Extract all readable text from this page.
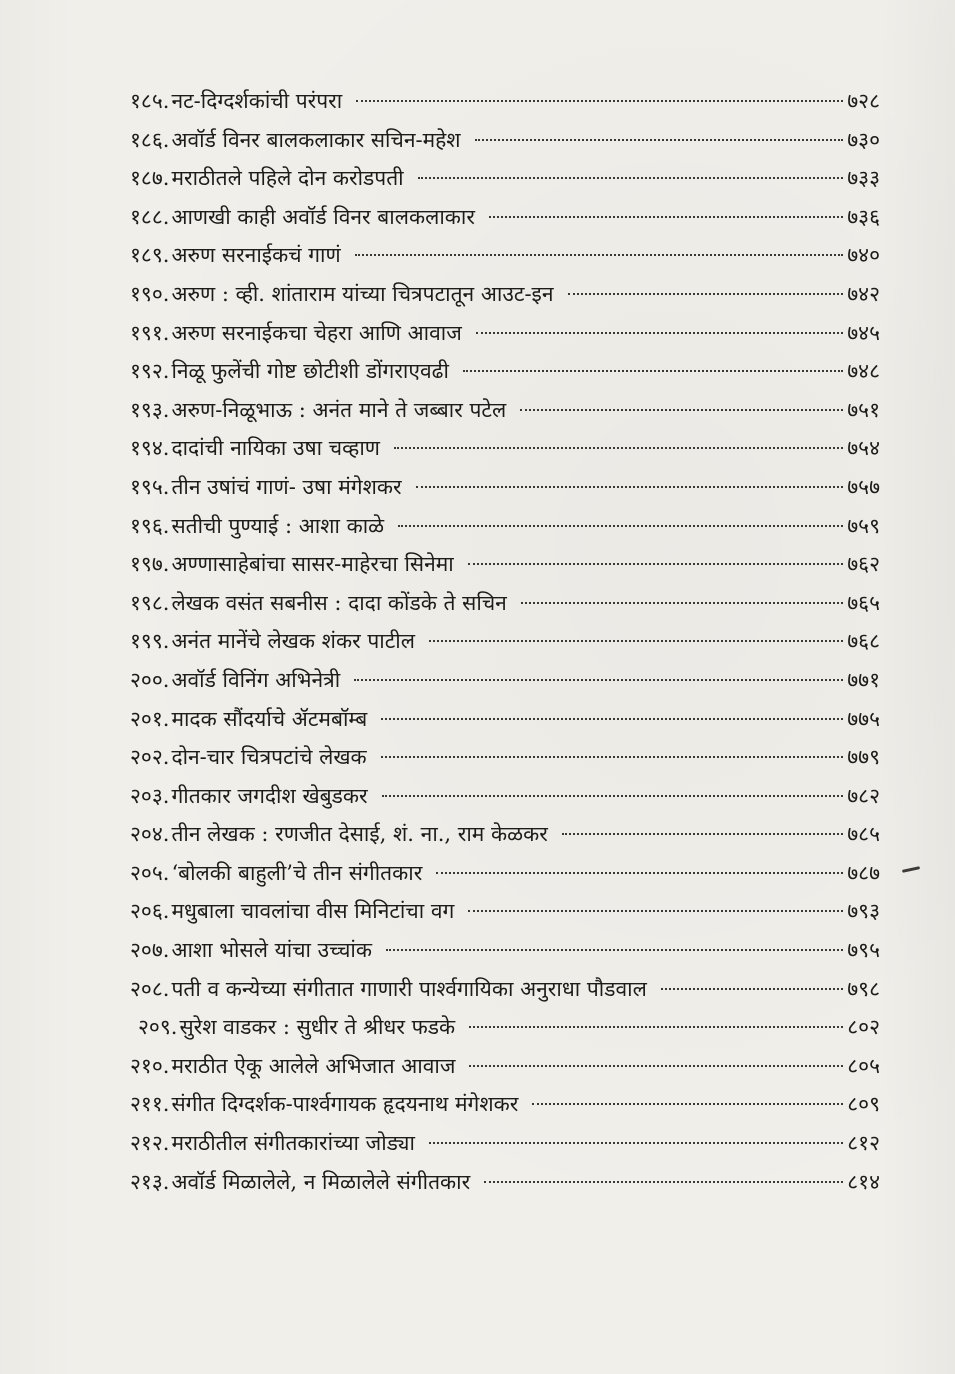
१८५. नट-दिग्दर्शकांची परंपरा	७२८
१८६. अवॉर्ड विनर बालकलाकार सचिन-महेश	७३०
१८७. मराठीतले पहिले दोन करोडपती	७३३
१८८. आणखी काही अवॉर्ड विनर बालकलाकार	७३६
१८९. अरुण सरनाईकचं गाणं	७४०
१९०. अरुण : व्ही. शांताराम यांच्या चित्रपटातून आउट-इन	७४२
१९१. अरुण सरनाईकचा चेहरा आणि आवाज	७४५
१९२. निळू फुलेंची गोष्ट छोटीशी डोंगराएवढी	७४८
१९३. अरुण-निळूभाऊ : अनंत माने ते जब्बार पटेल	७५१
१९४. दादांची नायिका उषा चव्हाण	७५४
१९५. तीन उषांचं गाणं- उषा मंगेशकर	७५७
१९६. सतीची पुण्याई : आशा काळे	७५९
१९७. अण्णासाहेबांचा सासर-माहेरचा सिनेमा	७६२
१९८. लेखक वसंत सबनीस : दादा कोंडके ते सचिन	७६५
१९९. अनंत मानेंचे लेखक शंकर पाटील	७६८
२००. अवॉर्ड विनिंग अभिनेत्री	७७१
२०१. मादक सौंदर्याचे ॲटमबॉम्ब	७७५
२०२. दोन-चार चित्रपटांचे लेखक	७७९
२०३. गीतकार जगदीश खेबुडकर	७८२
२०४. तीन लेखक : रणजीत देसाई, शं. ना., राम केळकर	७८५
२०५. ‘बोलकी बाहुली’चे तीन संगीतकार	७८७
२०६. मधुबाला चावलांचा वीस मिनिटांचा वग	७९३
२०७. आशा भोसले यांचा उच्चांक	७९५
२०८. पती व कन्येच्या संगीतात गाणारी पार्श्वगायिका अनुराधा पौडवाल	७९८
२०९. सुरेश वाडकर : सुधीर ते श्रीधर फडके	८०२
२१०. मराठीत ऐकू आलेले अभिजात आवाज	८०५
२११. संगीत दिग्दर्शक-पार्श्वगायक हृदयनाथ मंगेशकर	८०९
२१२. मराठीतील संगीतकारांच्या जोड्या	८१२
२१३. अवॉर्ड मिळालेले, न मिळालेले संगीतकार	८१४
